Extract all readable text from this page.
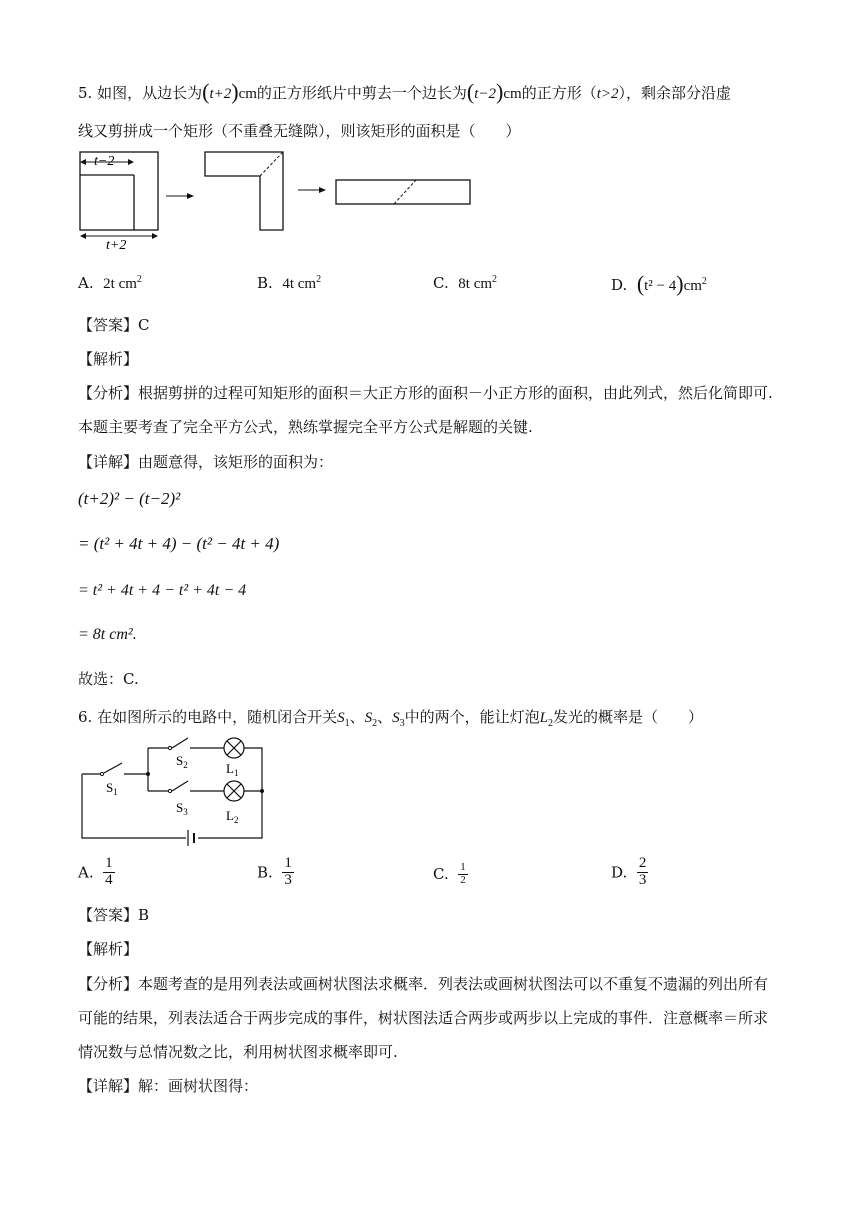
5. 如图，从边长为(t+2)cm的正方形纸片中剪去一个边长为(t−2)cm的正方形（t>2），剩余部分沿虚
线又剪拼成一个矩形（不重叠无缝隙），则该矩形的面积是（　　）
t−2
t+2
A. 2t $cm^2$	B. 4t $cm^2$	C. 8t $cm^2$	D. $(t^2 - 4)cm^2$
【答案】C
【解析】
【分析】根据剪拼的过程可知矩形的面积＝大正方形的面积－小正方形的面积，由此列式，然后化简即可.
本题主要考查了完全平方公式，熟练掌握完全平方公式是解题的关键.
【详解】由题意得，该矩形的面积为：
(t+2)² − (t−2)²
= (t² + 4t + 4) − (t² − 4t + 4)
= t² + 4t + 4 − t² + 4t − 4
= 8t cm².
故选：C.
6. 在如图所示的电路中，随机闭合开关$S_1$、$S_2$、$S_3$中的两个，能让灯泡$L_2$发光的概率是（　　）
$S_1$
$S_2$	$L_1$
$S_3$	$L_2$
A. $\frac{1}{4}$	B. $\frac{1}{3}$	C. $\frac{1}{2}$	D. $\frac{2}{3}$
【答案】B
【解析】
【分析】本题考查的是用列表法或画树状图法求概率．列表法或画树状图法可以不重复不遗漏的列出所有
可能的结果，列表法适合于两步完成的事件，树状图法适合两步或两步以上完成的事件．注意概率＝所求
情况数与总情况数之比，利用树状图求概率即可.
【详解】解：画树状图得：
